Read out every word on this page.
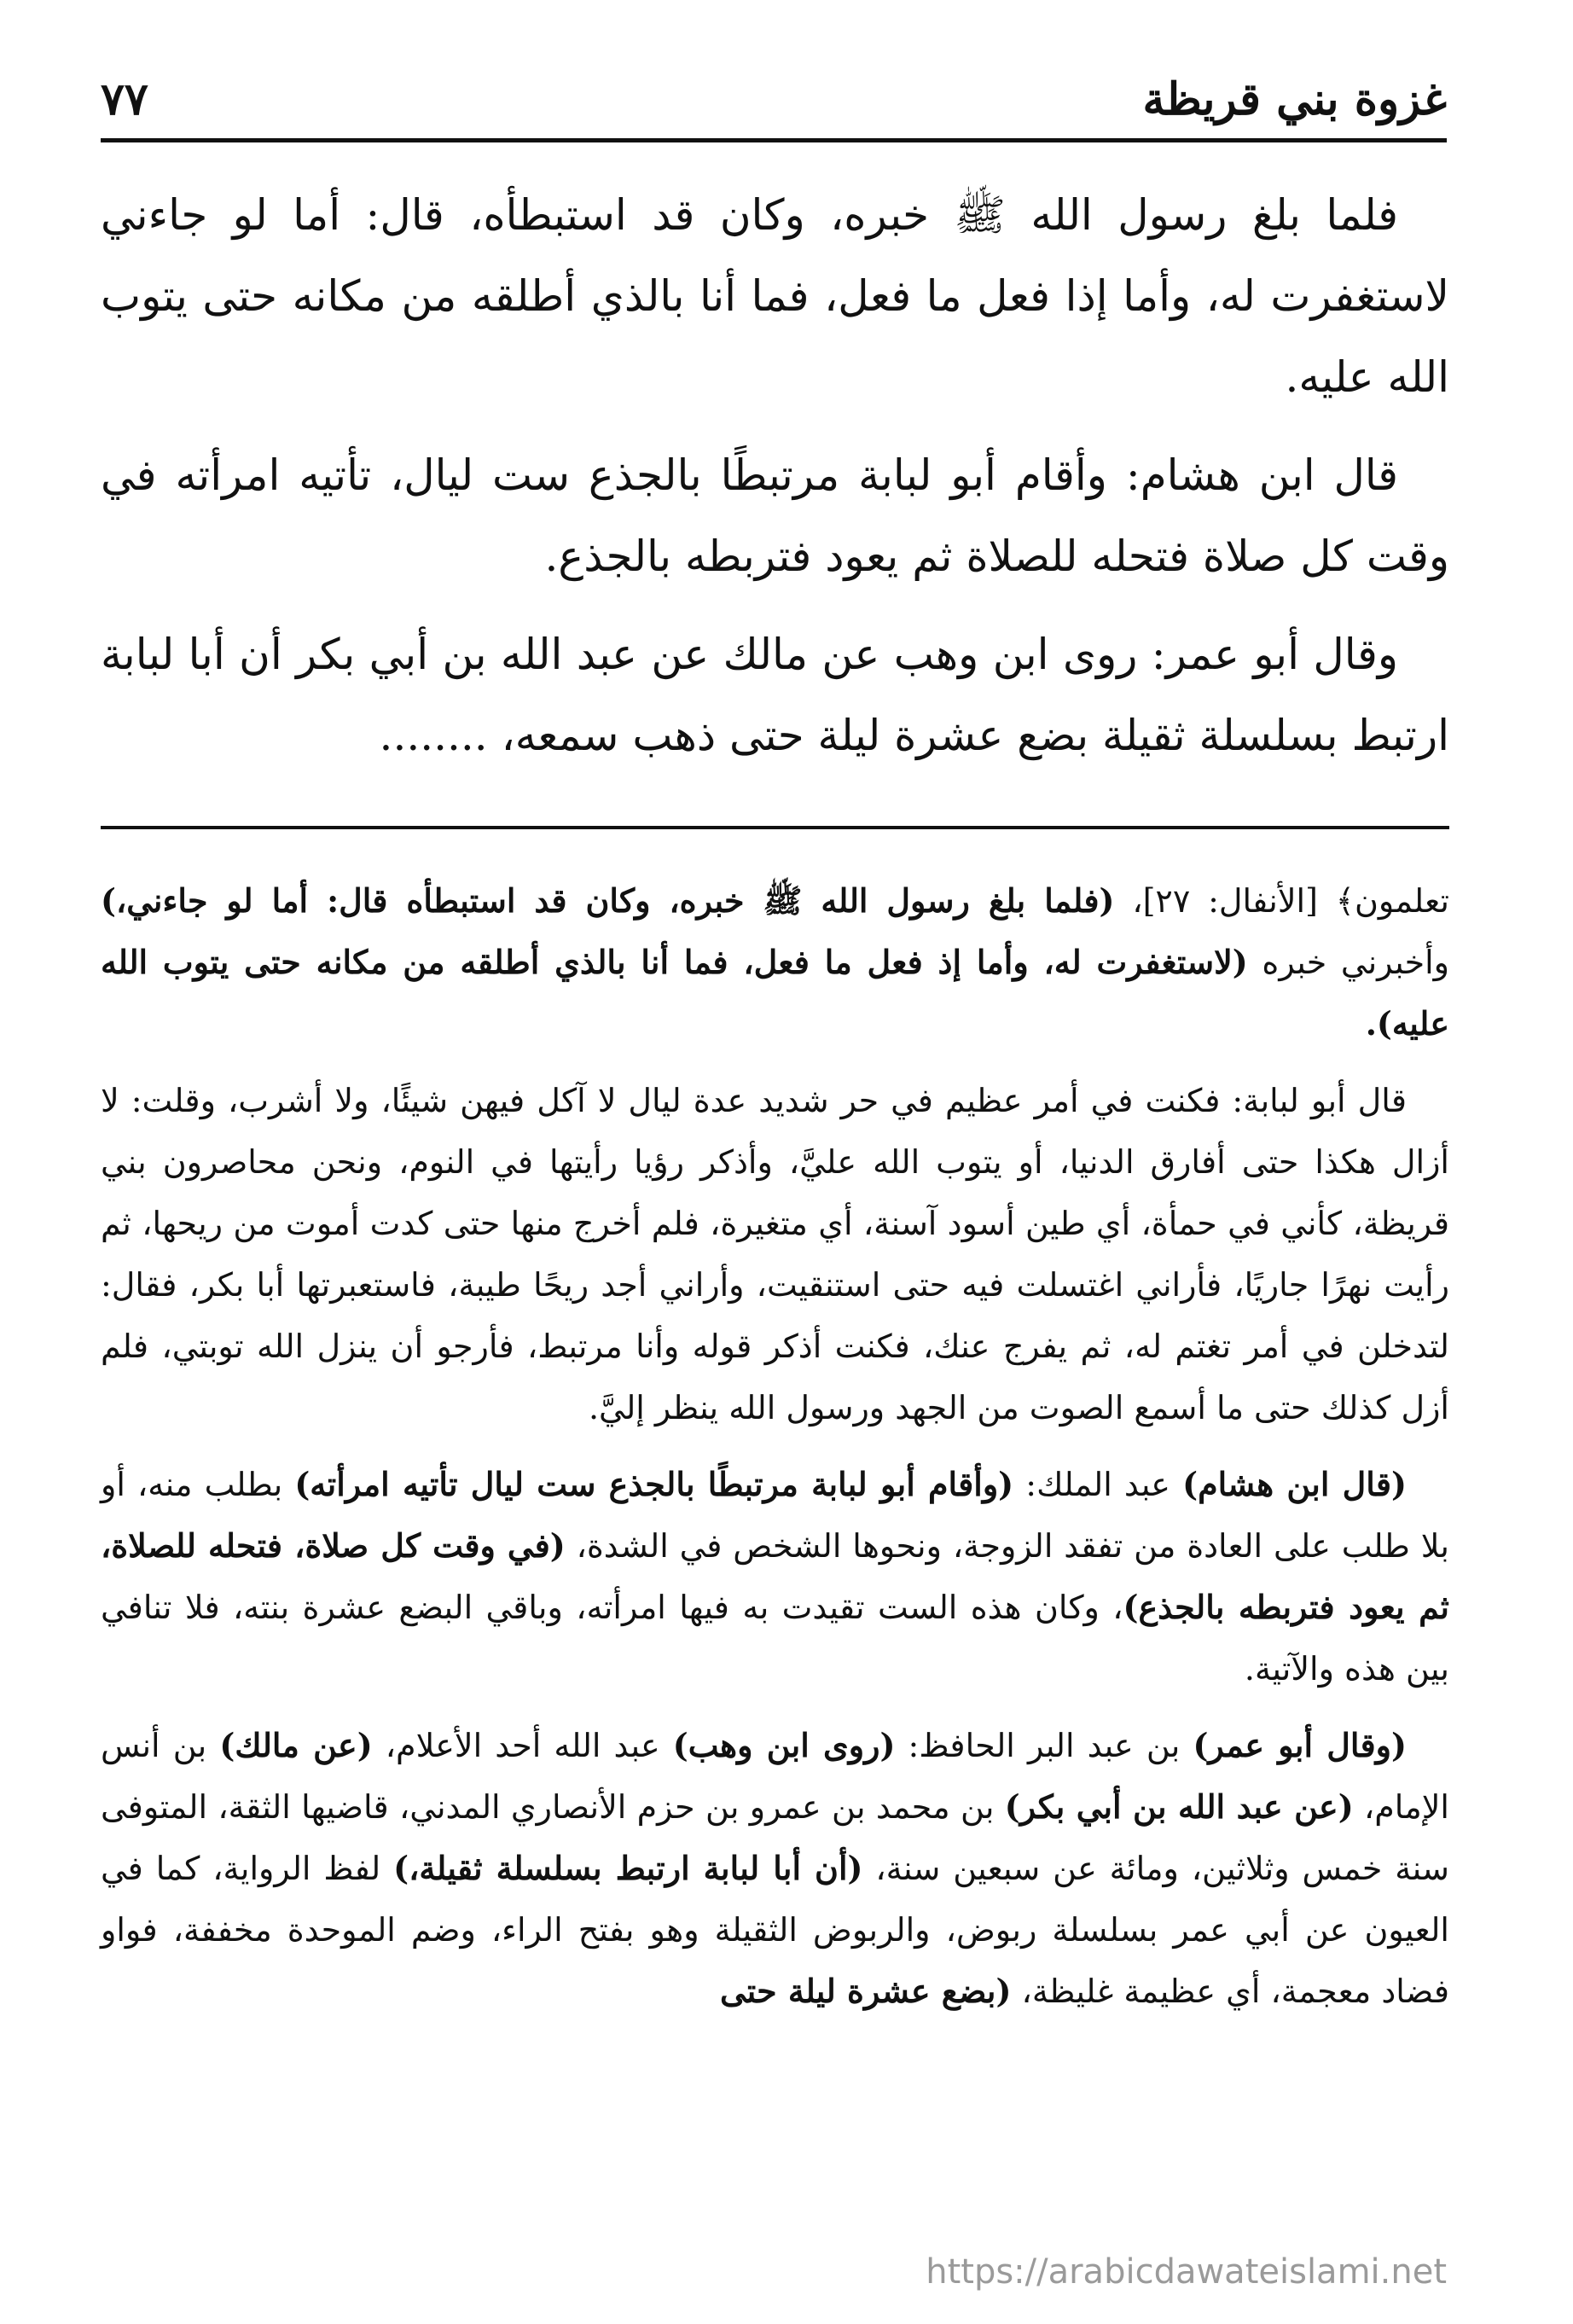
غزوة بني قريظة
٧٧

فلما بلغ رسول الله ﷺ خبره، وكان قد استبطأه، قال: أما لو جاءني لاستغفرت له، وأما إذا فعل ما فعل، فما أنا بالذي أطلقه من مكانه حتى يتوب الله عليه.

قال ابن هشام: وأقام أبو لبابة مرتبطًا بالجذع ست ليال، تأتيه امرأته في وقت كل صلاة فتحله للصلاة ثم يعود فتربطه بالجذع.

وقال أبو عمر: روى ابن وهب عن مالك عن عبد الله بن أبي بكر أن أبا لبابة ارتبط بسلسلة ثقيلة بضع عشرة ليلة حتى ذهب سمعه، ........

تعلمون﴾ [الأنفال: ٢٧]، (فلما بلغ رسول الله ﷺ خبره، وكان قد استبطأه قال: أما لو جاءني،) وأخبرني خبره (لاستغفرت له، وأما إذ فعل ما فعل، فما أنا بالذي أطلقه من مكانه حتى يتوب الله عليه).

قال أبو لبابة: فكنت في أمر عظيم في حر شديد عدة ليال لا آكل فيهن شيئًا، ولا أشرب، وقلت: لا أزال هكذا حتى أفارق الدنيا، أو يتوب الله عليَّ، وأذكر رؤيا رأيتها في النوم، ونحن محاصرون بني قريظة، كأني في حمأة، أي طين أسود آسنة، أي متغيرة، فلم أخرج منها حتى كدت أموت من ريحها، ثم رأيت نهرًا جاريًا، فأراني اغتسلت فيه حتى استنقيت، وأراني أجد ريحًا طيبة، فاستعبرتها أبا بكر، فقال: لتدخلن في أمر تغتم له، ثم يفرج عنك، فكنت أذكر قوله وأنا مرتبط، فأرجو أن ينزل الله توبتي، فلم أزل كذلك حتى ما أسمع الصوت من الجهد ورسول الله ينظر إليَّ.

(قال ابن هشام) عبد الملك: (وأقام أبو لبابة مرتبطًا بالجذع ست ليال تأتيه امرأته) بطلب منه، أو بلا طلب على العادة من تفقد الزوجة، ونحوها الشخص في الشدة، (في وقت كل صلاة، فتحله للصلاة، ثم يعود فتربطه بالجذع)، وكان هذه الست تقيدت به فيها امرأته، وباقي البضع عشرة بنته، فلا تنافي بين هذه والآتية.

(وقال أبو عمر) بن عبد البر الحافظ: (روى ابن وهب) عبد الله أحد الأعلام، (عن مالك) بن أنس الإمام، (عن عبد الله بن أبي بكر) بن محمد بن عمرو بن حزم الأنصاري المدني، قاضيها الثقة، المتوفى سنة خمس وثلاثين، ومائة عن سبعين سنة، (أن أبا لبابة ارتبط بسلسلة ثقيلة،) لفظ الرواية، كما في العيون عن أبي عمر بسلسلة ربوض، والربوض الثقيلة وهو بفتح الراء، وضم الموحدة مخففة، فواو فضاد معجمة، أي عظيمة غليظة، (بضع عشرة ليلة حتى

https://arabicdawateislami.net
